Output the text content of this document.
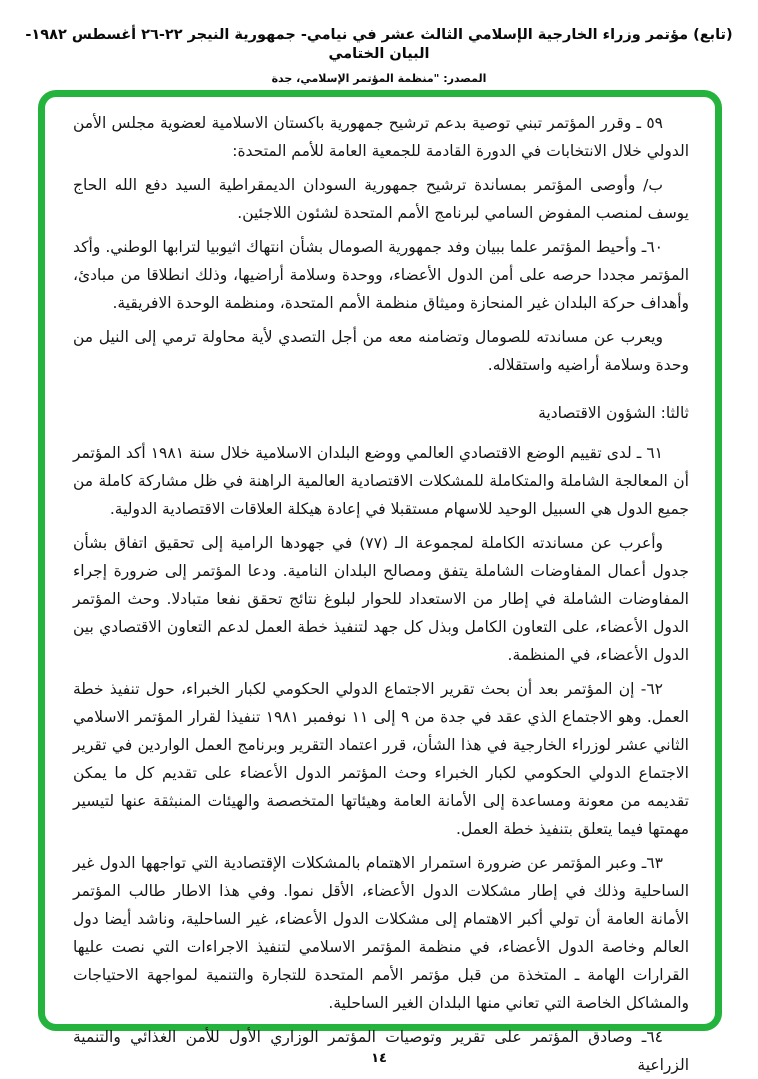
(تابع) مؤتمر وزراء الخارجية الإسلامي الثالث عشر في نيامي- جمهورية النيجر ٢٢-٢٦ أغسطس ١٩٨٢- البيان الختامي
المصدر: "منظمة المؤتمر الإسلامي، جدة

٥٩ ـ وقرر المؤتمر تبني توصية بدعم ترشيح جمهورية باكستان الاسلامية لعضوية مجلس الأمن الدولي خلال الانتخابات في الدورة القادمة للجمعية العامة للأمم المتحدة:

ب/ وأوصى المؤتمر بمساندة ترشيح جمهورية السودان الديمقراطية السيد دفع الله الحاج يوسف لمنصب المفوض السامي لبرنامج الأمم المتحدة لشئون اللاجئين.

٦٠ـ وأحيط المؤتمر علما ببيان وفد جمهورية الصومال بشأن انتهاك اثيوبيا لترابها الوطني. وأكد المؤتمر مجددا حرصه على أمن الدول الأعضاء، ووحدة وسلامة أراضيها، وذلك انطلاقا من مبادئ، وأهداف حركة البلدان غير المنحازة وميثاق منظمة الأمم المتحدة، ومنظمة الوحدة الافريقية.

ويعرب عن مساندته للصومال وتضامنه معه من أجل التصدي لأية محاولة ترمي إلى النيل من وحدة وسلامة أراضيه واستقلاله.

ثالثا: الشؤون الاقتصادية

٦١ ـ لدى تقييم الوضع الاقتصادي العالمي ووضع البلدان الاسلامية خلال سنة ١٩٨١ أكد المؤتمر أن المعالجة الشاملة والمتكاملة للمشكلات الاقتصادية العالمية الراهنة في ظل مشاركة كاملة من جميع الدول هي السبيل الوحيد للاسهام مستقبلا في إعادة هيكلة العلاقات الاقتصادية الدولية.

وأعرب عن مساندته الكاملة لمجموعة الـ (٧٧) في جهودها الرامية إلى تحقيق اتفاق بشأن جدول أعمال المفاوضات الشاملة يتفق ومصالح البلدان النامية. ودعا المؤتمر إلى ضرورة إجراء المفاوضات الشاملة في إطار من الاستعداد للحوار لبلوغ نتائج تحقق نفعا متبادلا. وحث المؤتمر الدول الأعضاء، على التعاون الكامل وبذل كل جهد لتنفيذ خطة العمل لدعم التعاون الاقتصادي بين الدول الأعضاء، في المنظمة.

٦٢- إن المؤتمر بعد أن بحث تقرير الاجتماع الدولي الحكومي لكبار الخبراء، حول تنفيذ خطة العمل. وهو الاجتماع الذي عقد في جدة من ٩ إلى ١١ نوفمبر ١٩٨١ تنفيذا لقرار المؤتمر الاسلامي الثاني عشر لوزراء الخارجية في هذا الشأن، قرر اعتماد التقرير وبرنامج العمل الواردين في تقرير الاجتماع الدولي الحكومي لكبار الخبراء وحث المؤتمر الدول الأعضاء على تقديم كل ما يمكن تقديمه من معونة ومساعدة إلى الأمانة العامة وهيئاتها المتخصصة والهيئات المنبثقة عنها لتيسير مهمتها فيما يتعلق بتنفيذ خطة العمل.

٦٣ـ وعبر المؤتمر عن ضرورة استمرار الاهتمام بالمشكلات الإقتصادية التي تواجهها الدول غير الساحلية وذلك في إطار مشكلات الدول الأعضاء، الأقل نموا. وفي هذا الاطار طالب المؤتمر الأمانة العامة أن تولي أكبر الاهتمام إلى مشكلات الدول الأعضاء، غير الساحلية، وناشد أيضا دول العالم وخاصة الدول الأعضاء، في منظمة المؤتمر الاسلامي لتنفيذ الاجراءات التي نصت عليها القرارات الهامة ـ المتخذة من قبل مؤتمر الأمم المتحدة للتجارة والتنمية لمواجهة الاحتياجات والمشاكل الخاصة التي تعاني منها البلدان الغير الساحلية.

٦٤ـ وصادق المؤتمر على تقرير وتوصيات المؤتمر الوزاري الأول للأمن الغذائي والتنمية الزراعية

١٤
